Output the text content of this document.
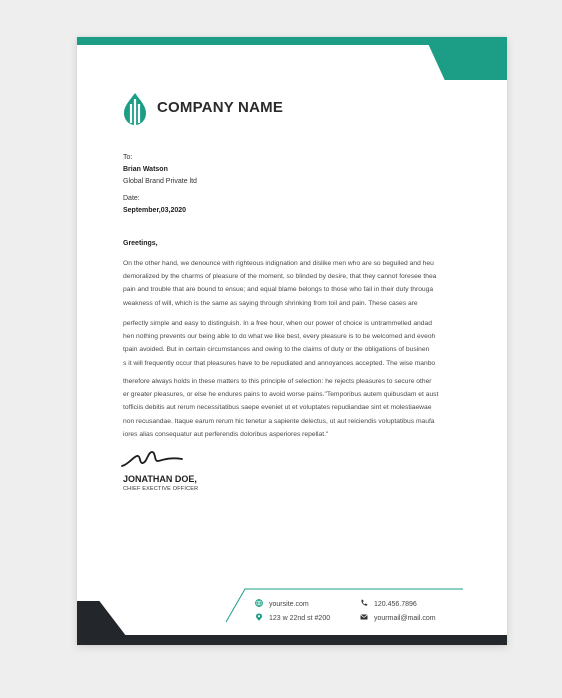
COMPANY NAME
To:
Brian Watson
Global Brand Private ltd
Date:
September,03,2020
Greetings,
On the other hand, we denounce with righteous indignation and dislike men who are so beguiled and heu
demoralized by the charms of pleasure of the moment, so blinded by desire, that they cannot foresee thea
pain and trouble that are bound to ensue; and equal blame belongs to those who fail in their duty througa
weakness of will, which is the same as saying through shrinking from toil and pain. These cases are
perfectly simple and easy to distinguish. In a free hour, when our power of choice is untrammelled andad
hen nothing prevents our being able to do what we like best, every pleasure is to be welcomed and eveoh
tpain avoided. But in certain circumstances and owing to the claims of duty or the obligations of businen
s it will frequently occur that pleasures have to be repudiated and annoyances accepted. The wise manbo
therefore always holds in these matters to this principle of selection: he rejects pleasures to secure other
er greater pleasures, or else he endures pains to avoid worse pains."Temporibus autem quibusdam et aust
tofficiis debitis aut rerum necessitatibus saepe eveniet ut et voluptates repudiandae sint et molestiaewae
non recusandae. Itaque earum rerum hic tenetur a sapiente delectus, ut aut reiciendis voluptatibus maufa
iores alias consequatur aut perferendis doloribus asperiores repellat."
JONATHAN DOE,
CHIEF EXECTIVE OFFICER
yoursite.com
123 w 22nd st #200
120.456.7896
yourmail@mail.com
